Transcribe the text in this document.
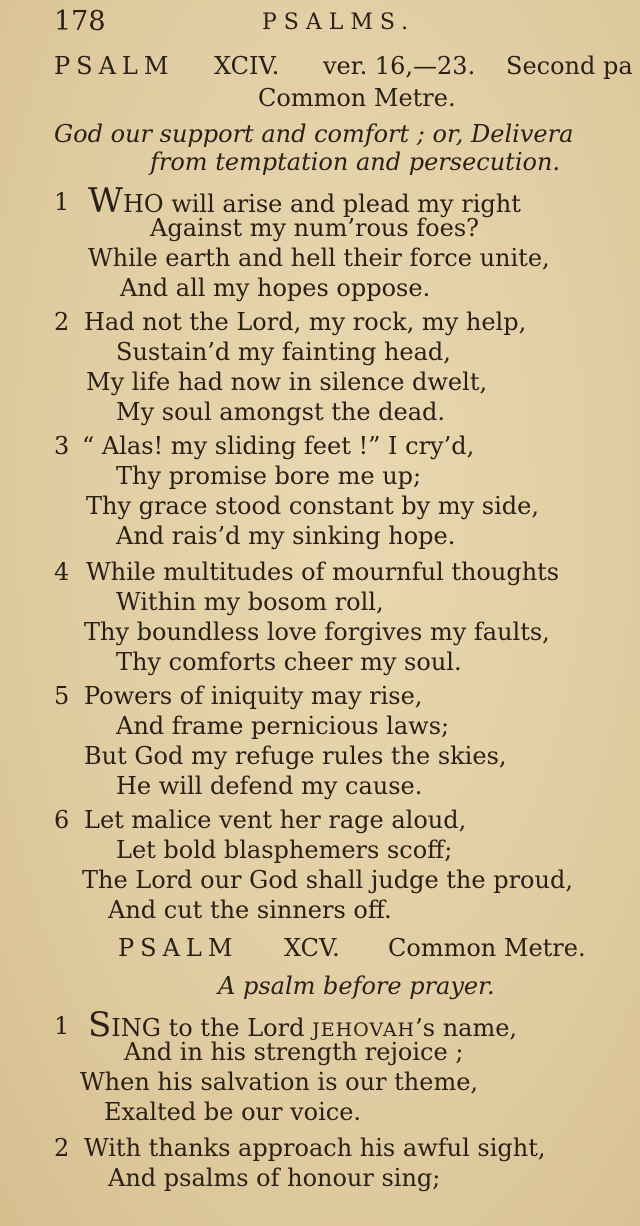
178	PSALMS.
PSALM XCIV. ver. 16,—23. Second pa
Common Metre.
God our support and comfort ; or, Delivera
from temptation and persecution.
1 WHO will arise and plead my right
Against my num’rous foes?
While earth and hell their force unite,
And all my hopes oppose.
2 Had not the Lord, my rock, my help,
Sustain’d my fainting head,
My life had now in silence dwelt,
My soul amongst the dead.
3 “ Alas! my sliding feet !” I cry’d,
Thy promise bore me up;
Thy grace stood constant by my side,
And rais’d my sinking hope.
4 While multitudes of mournful thoughts
Within my bosom roll,
Thy boundless love forgives my faults,
Thy comforts cheer my soul.
5 Powers of iniquity may rise,
And frame pernicious laws;
But God my refuge rules the skies,
He will defend my cause.
6 Let malice vent her rage aloud,
Let bold blasphemers scoff;
The Lord our God shall judge the proud,
And cut the sinners off.
PSALM XCV. Common Metre.
A psalm before prayer.
1 SING to the Lord JEHOVAH’s name,
And in his strength rejoice ;
When his salvation is our theme,
Exalted be our voice.
2 With thanks approach his awful sight,
And psalms of honour sing;
